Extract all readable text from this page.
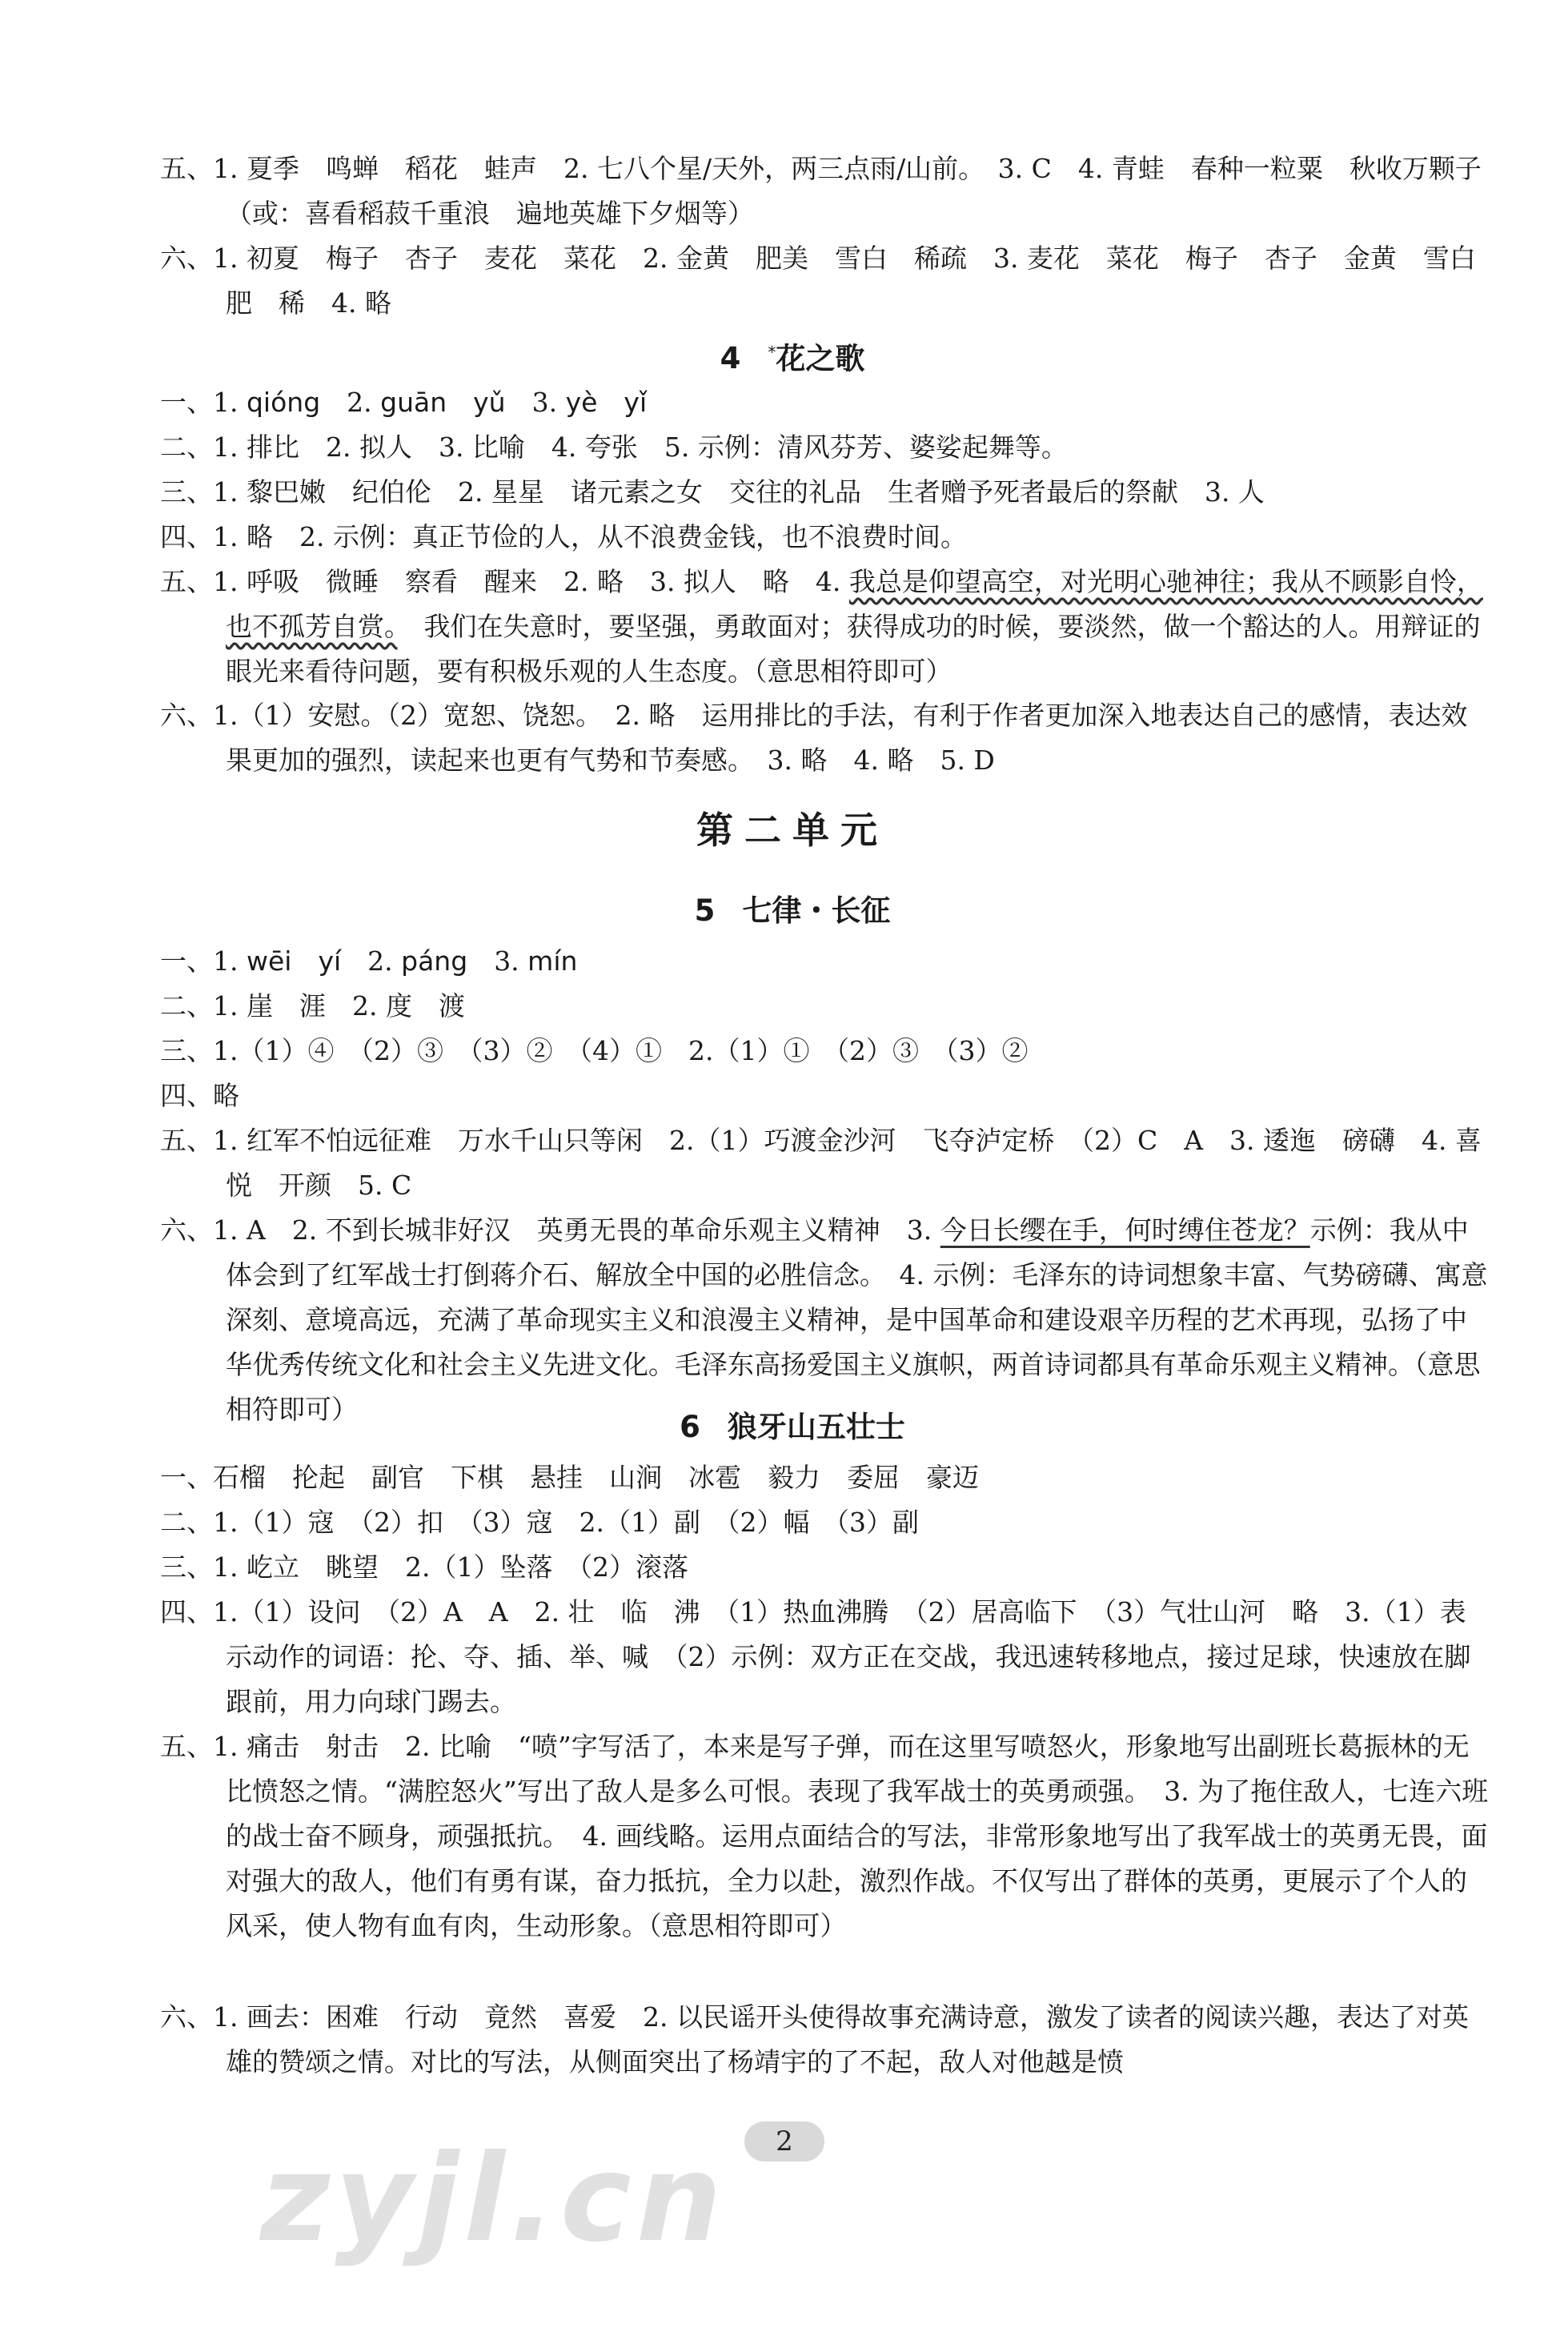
五、1. 夏季　鸣蝉　稻花　蛙声　2. 七八个星/天外，两三点雨/山前。　3. C　4. 青蛙　春种一粒粟　秋收万颗子（或：喜看稻菽千重浪　遍地英雄下夕烟等）
六、1. 初夏　梅子　杏子　麦花　菜花　2. 金黄　肥美　雪白　稀疏　3. 麦花　菜花　梅子　杏子　金黄　雪白　肥　稀　4. 略
4 *花之歌
一、1. qióng　2. guān　yǔ　3. yè　yǐ
二、1. 排比　2. 拟人　3. 比喻　4. 夸张　5. 示例：清风芬芳、婆娑起舞等。
三、1. 黎巴嫩　纪伯伦　2. 星星　诸元素之女　交往的礼品　生者赠予死者最后的祭献　3. 人
四、1. 略　2. 示例：真正节俭的人，从不浪费金钱，也不浪费时间。
五、1. 呼吸　微睡　察看　醒来　2. 略　3. 拟人　略　4. 我总是仰望高空，对光明心驰神往；我从不顾影自怜，也不孤芳自赏。　我们在失意时，要坚强，勇敢面对；获得成功的时候，要淡然，做一个豁达的人。用辩证的眼光来看待问题，要有积极乐观的人生态度。（意思相符即可）
六、1.（1）安慰。（2）宽恕、饶恕。　2. 略　运用排比的手法，有利于作者更加深入地表达自己的感情，表达效果更加的强烈，读起来也更有气势和节奏感。　3. 略　4. 略　5. D
第二单元
5 七律・长征
一、1. wēi　yí　2. páng　3. mín
二、1. 崖　涯　2. 度　渡
三、1.（1）④　（2）③　（3）②　（4）①　2.（1）①　（2）③　（3）②
四、略
五、1. 红军不怕远征难　万水千山只等闲　2.（1）巧渡金沙河　飞夺泸定桥　（2）C　A　3. 逶迤　磅礴　4. 喜悦　开颜　5. C
六、1. A　2. 不到长城非好汉　英勇无畏的革命乐观主义精神　3. 今日长缨在手，何时缚住苍龙？示例：我从中体会到了红军战士打倒蒋介石、解放全中国的必胜信念。　4. 示例：毛泽东的诗词想象丰富、气势磅礴、寓意深刻、意境高远，充满了革命现实主义和浪漫主义精神，是中国革命和建设艰辛历程的艺术再现，弘扬了中华优秀传统文化和社会主义先进文化。毛泽东高扬爱国主义旗帜，两首诗词都具有革命乐观主义精神。（意思相符即可）
6 狼牙山五壮士
一、石榴　抡起　副官　下棋　悬挂　山涧　冰雹　毅力　委屈　豪迈
二、1.（1）寇　（2）扣　（3）寇　2.（1）副　（2）幅　（3）副
三、1. 屹立　眺望　2.（1）坠落　（2）滚落
四、1.（1）设问　（2）A　A　2. 壮　临　沸　（1）热血沸腾　（2）居高临下　（3）气壮山河　略　3.（1）表示动作的词语：抡、夺、插、举、喊　（2）示例：双方正在交战，我迅速转移地点，接过足球，快速放在脚跟前，用力向球门踢去。
五、1. 痛击　射击　2. 比喻　“喷”字写活了，本来是写子弹，而在这里写喷怒火，形象地写出副班长葛振林的无比愤怒之情。“满腔怒火”写出了敌人是多么可恨。表现了我军战士的英勇顽强。　3. 为了拖住敌人，七连六班的战士奋不顾身，顽强抵抗。　4. 画线略。运用点面结合的写法，非常形象地写出了我军战士的英勇无畏，面对强大的敌人，他们有勇有谋，奋力抵抗，全力以赴，激烈作战。不仅写出了群体的英勇，更展示了个人的风采，使人物有血有肉，生动形象。（意思相符即可）
六、1. 画去：困难　行动　竟然　喜爱　2. 以民谣开头使得故事充满诗意，激发了读者的阅读兴趣，表达了对英雄的赞颂之情。对比的写法，从侧面突出了杨靖宇的了不起，敌人对他越是愤
zyjl.cn	2
